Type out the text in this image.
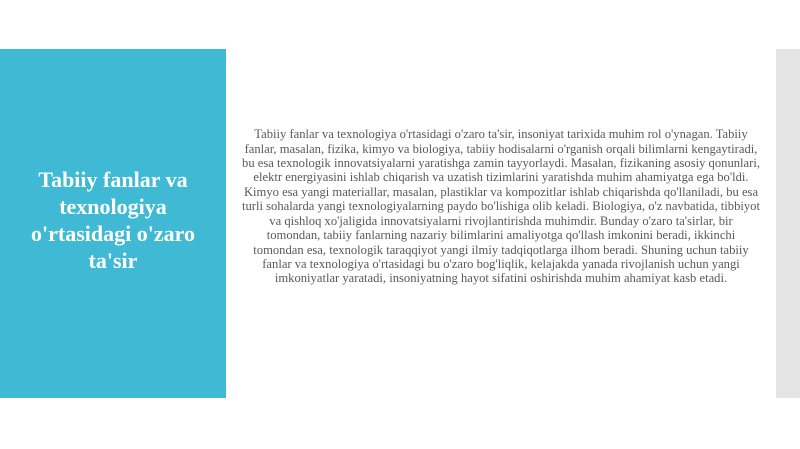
Tabiiy fanlar va texnologiya o'rtasidagi o'zaro ta'sir
Tabiiy fanlar va texnologiya o'rtasidagi o'zaro ta'sir, insoniyat tarixida muhim rol o'ynagan. Tabiiy fanlar, masalan, fizika, kimyo va biologiya, tabiiy hodisalarni o'rganish orqali bilimlarni kengaytiradi, bu esa texnologik innovatsiyalarni yaratishga zamin tayyorlaydi. Masalan, fizikaning asosiy qonunlari, elektr energiyasini ishlab chiqarish va uzatish tizimlarini yaratishda muhim ahamiyatga ega bo'ldi. Kimyo esa yangi materiallar, masalan, plastiklar va kompozitlar ishlab chiqarishda qo'llaniladi, bu esa turli sohalarda yangi texnologiyalarning paydo bo'lishiga olib keladi. Biologiya, o'z navbatida, tibbiyot va qishloq xo'jaligida innovatsiyalarni rivojlantirishda muhimdir. Bunday o'zaro ta'sirlar, bir tomondan, tabiiy fanlarning nazariy bilimlarini amaliyotga qo'llash imkonini beradi, ikkinchi tomondan esa, texnologik taraqqiyot yangi ilmiy tadqiqotlarga ilhom beradi. Shuning uchun tabiiy fanlar va texnologiya o'rtasidagi bu o'zaro bog'liqlik, kelajakda yanada rivojlanish uchun yangi imkoniyatlar yaratadi, insoniyatning hayot sifatini oshirishda muhim ahamiyat kasb etadi.
